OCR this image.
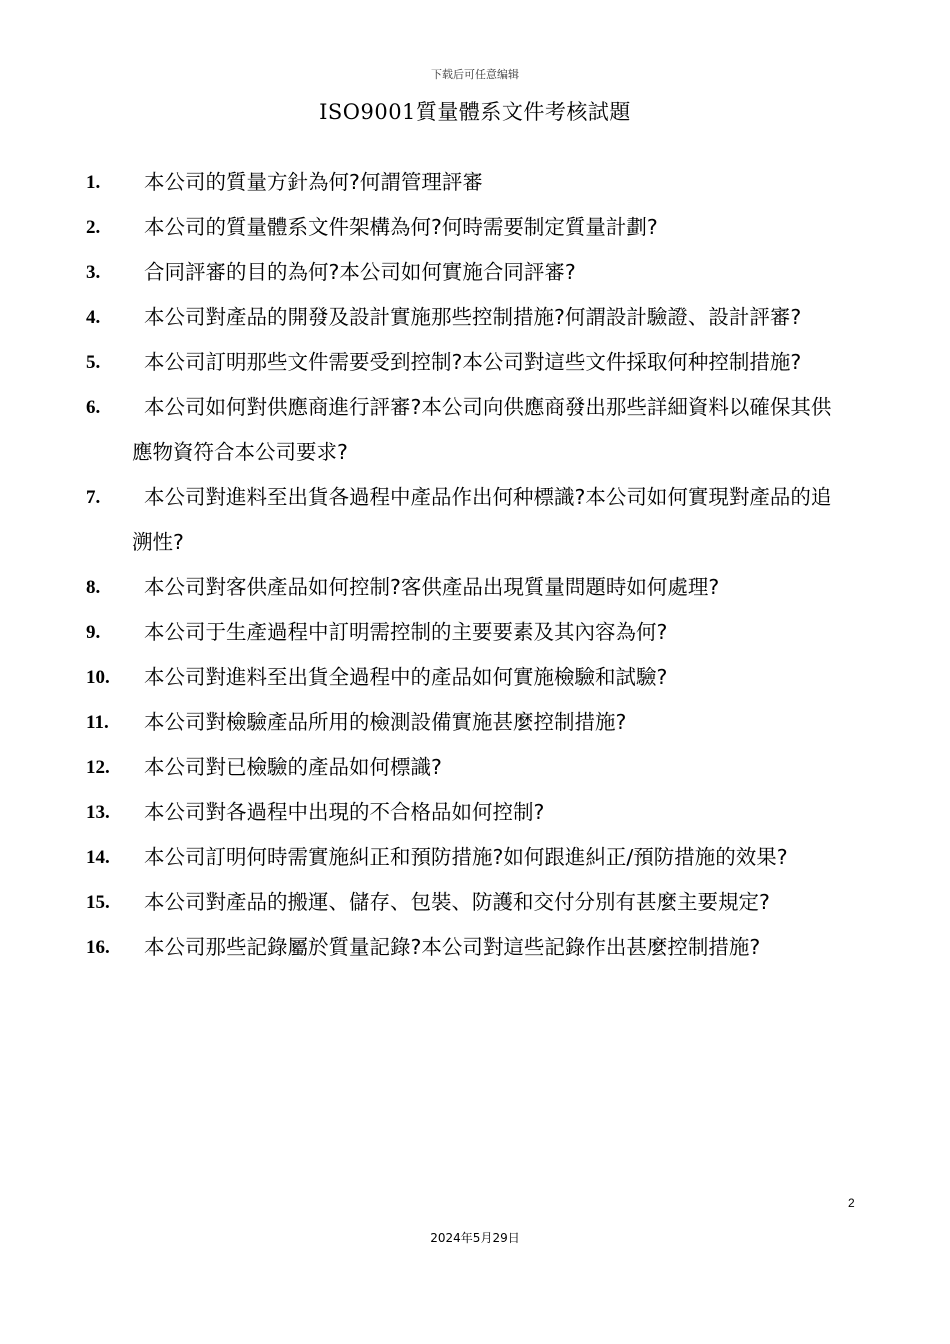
下载后可任意编辑
ISO9001質量體系文件考核試題
1.	本公司的質量方針為何?何謂管理評審
2.	本公司的質量體系文件架構為何?何時需要制定質量計劃?
3.	合同評審的目的為何?本公司如何實施合同評審?
4.	本公司對產品的開發及設計實施那些控制措施?何謂設計驗證、設計評審?
5.	本公司訂明那些文件需要受到控制?本公司對這些文件採取何种控制措施?
6.	本公司如何對供應商進行評審?本公司向供應商發出那些詳細資料以確保其供
應物資符合本公司要求?
7.	本公司對進料至出貨各過程中產品作出何种標識?本公司如何實現對產品的追
溯性?
8.	本公司對客供產品如何控制?客供產品出現質量問題時如何處理?
9.	本公司于生產過程中訂明需控制的主要要素及其內容為何?
10.	本公司對進料至出貨全過程中的產品如何實施檢驗和試驗?
11.	本公司對檢驗產品所用的檢測設備實施甚麼控制措施?
12.	本公司對已檢驗的產品如何標識?
13.	本公司對各過程中出現的不合格品如何控制?
14.	本公司訂明何時需實施糾正和預防措施?如何跟進糾正/預防措施的效果?
15.	本公司對產品的搬運、儲存、包裝、防護和交付分別有甚麼主要規定?
16.	本公司那些記錄屬於質量記錄?本公司對這些記錄作出甚麼控制措施?
2
2024年5月29日
